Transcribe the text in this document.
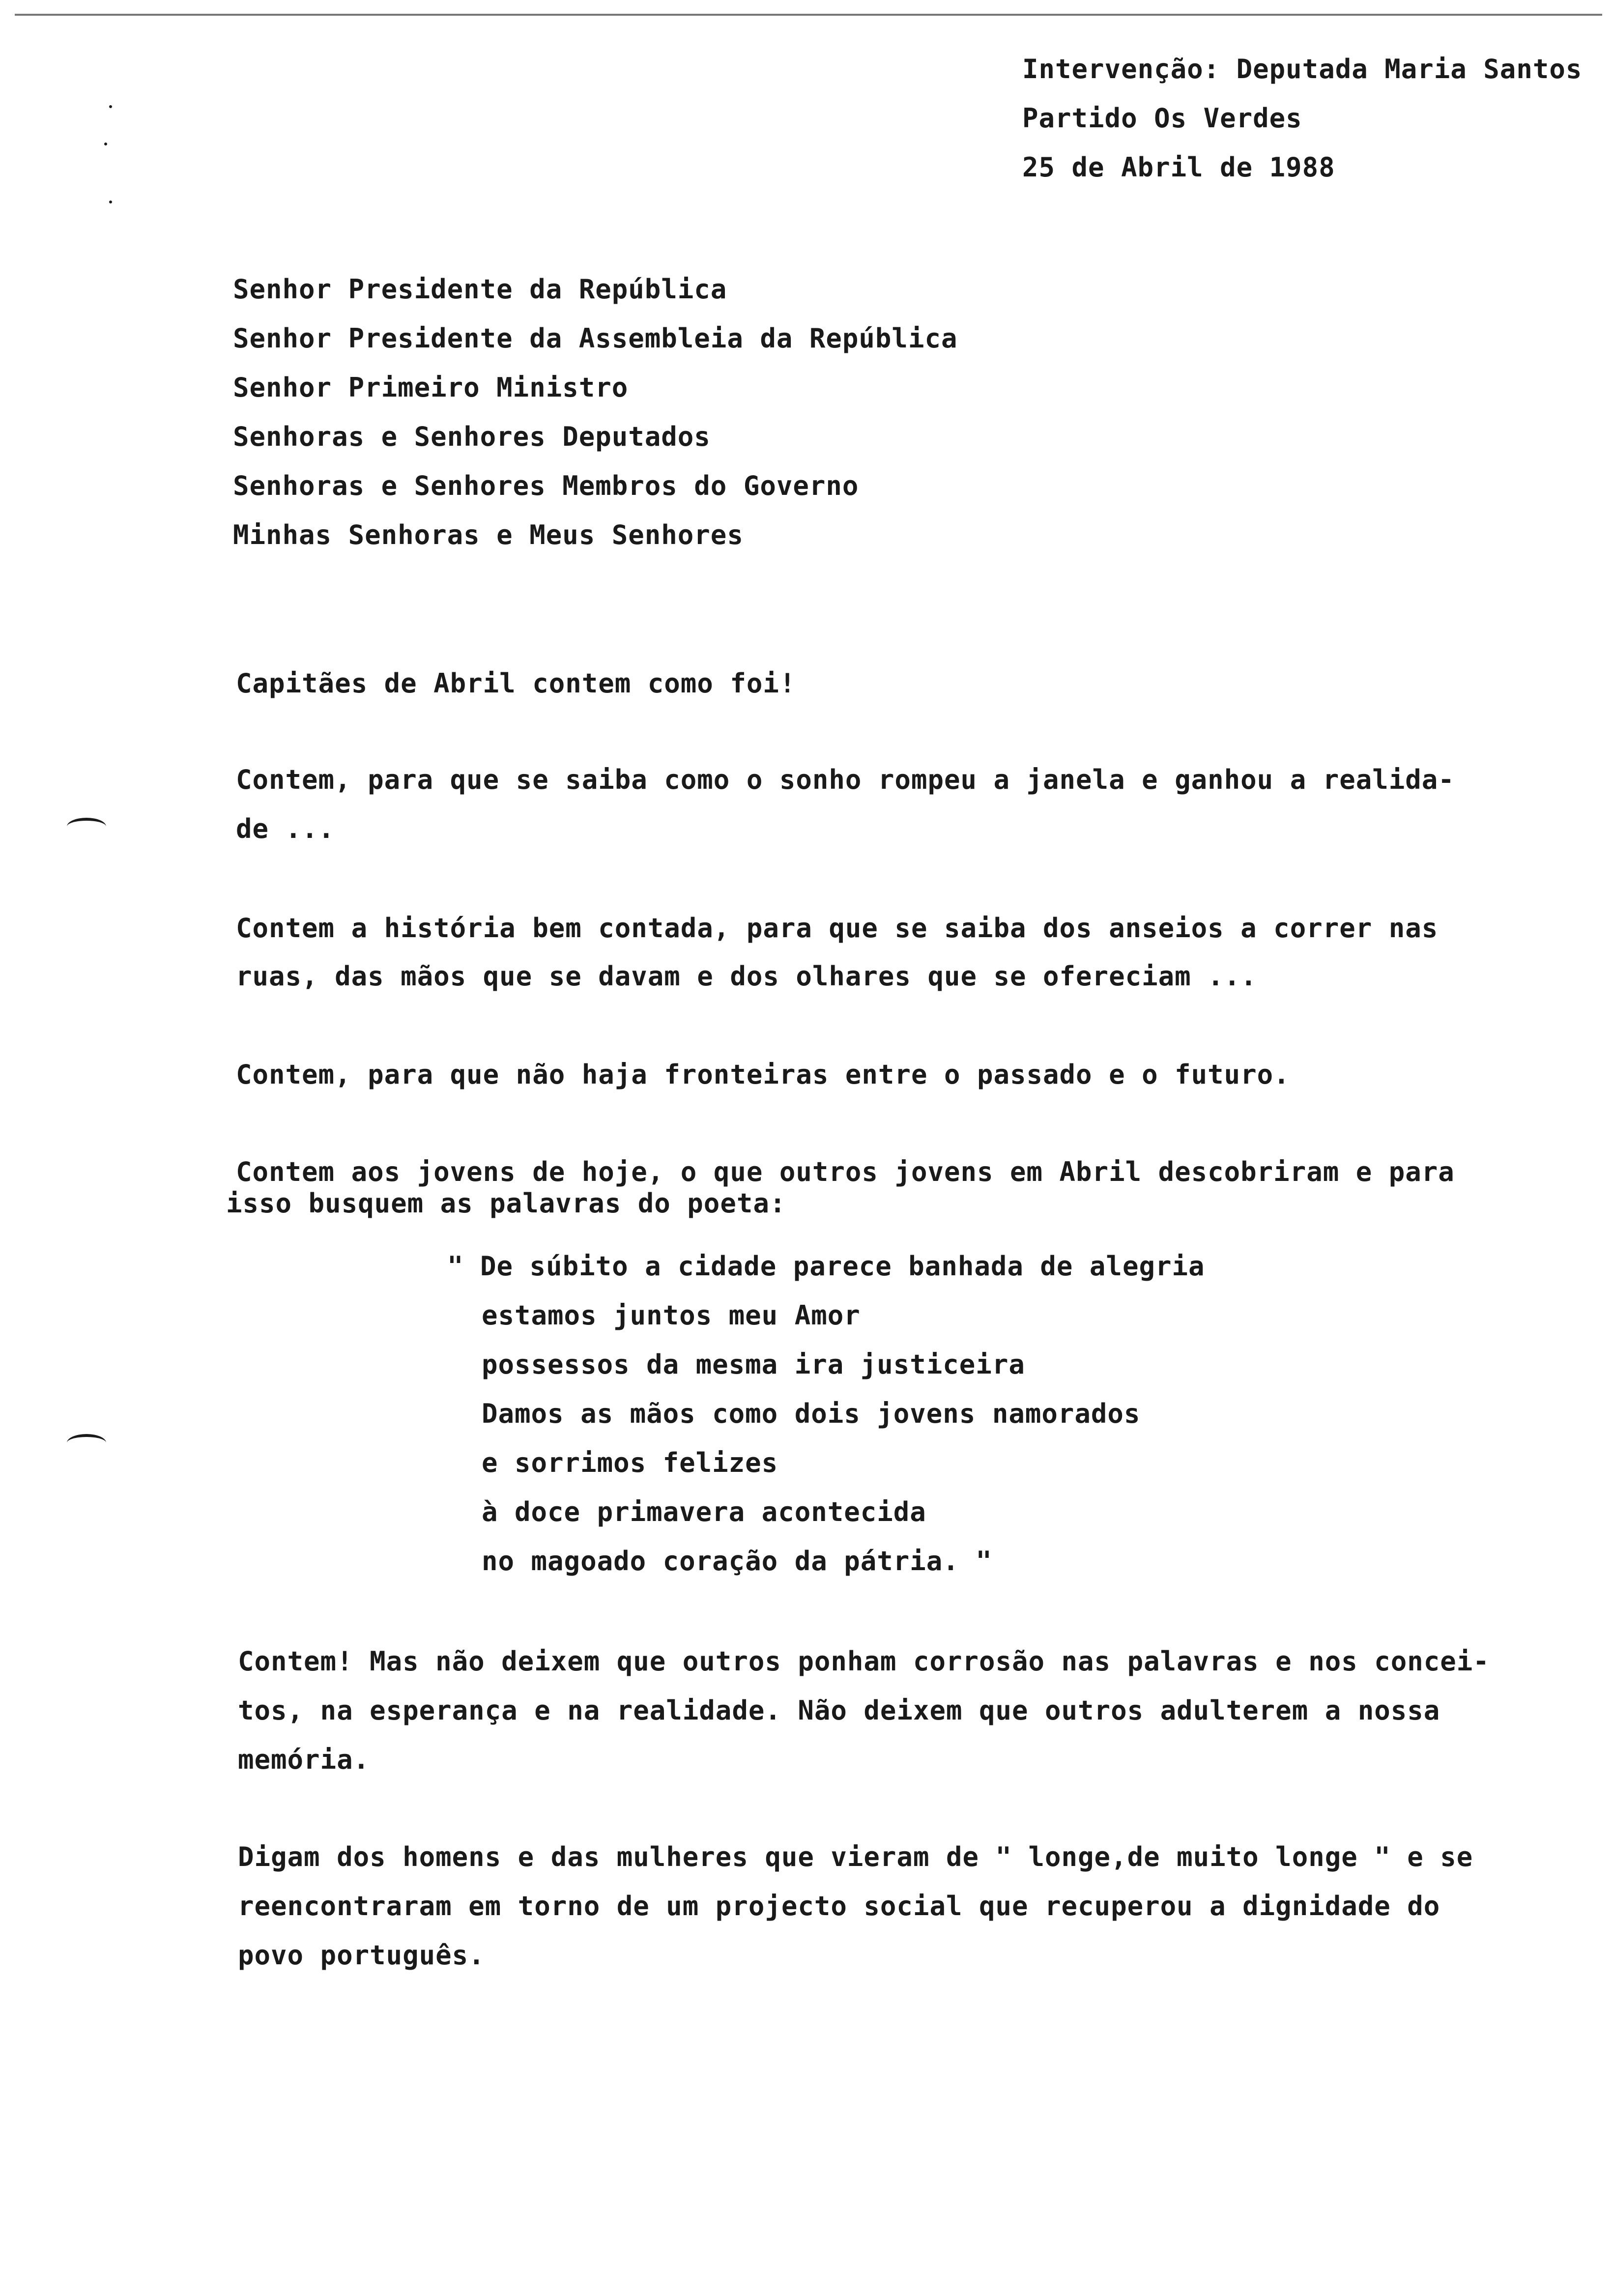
Intervenção: Deputada Maria Santos
Partido Os Verdes
25 de Abril de 1988
Senhor Presidente da República
Senhor Presidente da Assembleia da República
Senhor Primeiro Ministro
Senhoras e Senhores Deputados
Senhoras e Senhores Membros do Governo
Minhas Senhoras e Meus Senhores
Capitães de Abril contem como foi!
Contem, para que se saiba como o sonho rompeu a janela e ganhou a realida-
de ...
Contem a história bem contada, para que se saiba dos anseios a correr nas
ruas, das mãos que se davam e dos olhares que se ofereciam ...
Contem, para que não haja fronteiras entre o passado e o futuro.
Contem aos jovens de hoje, o que outros jovens em Abril descobriram e para
isso busquem as palavras do poeta:
" De súbito a cidade parece banhada de alegria
estamos juntos meu Amor
possessos da mesma ira justiceira
Damos as mãos como dois jovens namorados
e sorrimos felizes
à doce primavera acontecida
no magoado coração da pátria. "
Contem! Mas não deixem que outros ponham corrosão nas palavras e nos concei-
tos, na esperança e na realidade. Não deixem que outros adulterem a nossa
memória.
Digam dos homens e das mulheres que vieram de " longe,de muito longe " e se
reencontraram em torno de um projecto social que recuperou a dignidade do
povo português.
